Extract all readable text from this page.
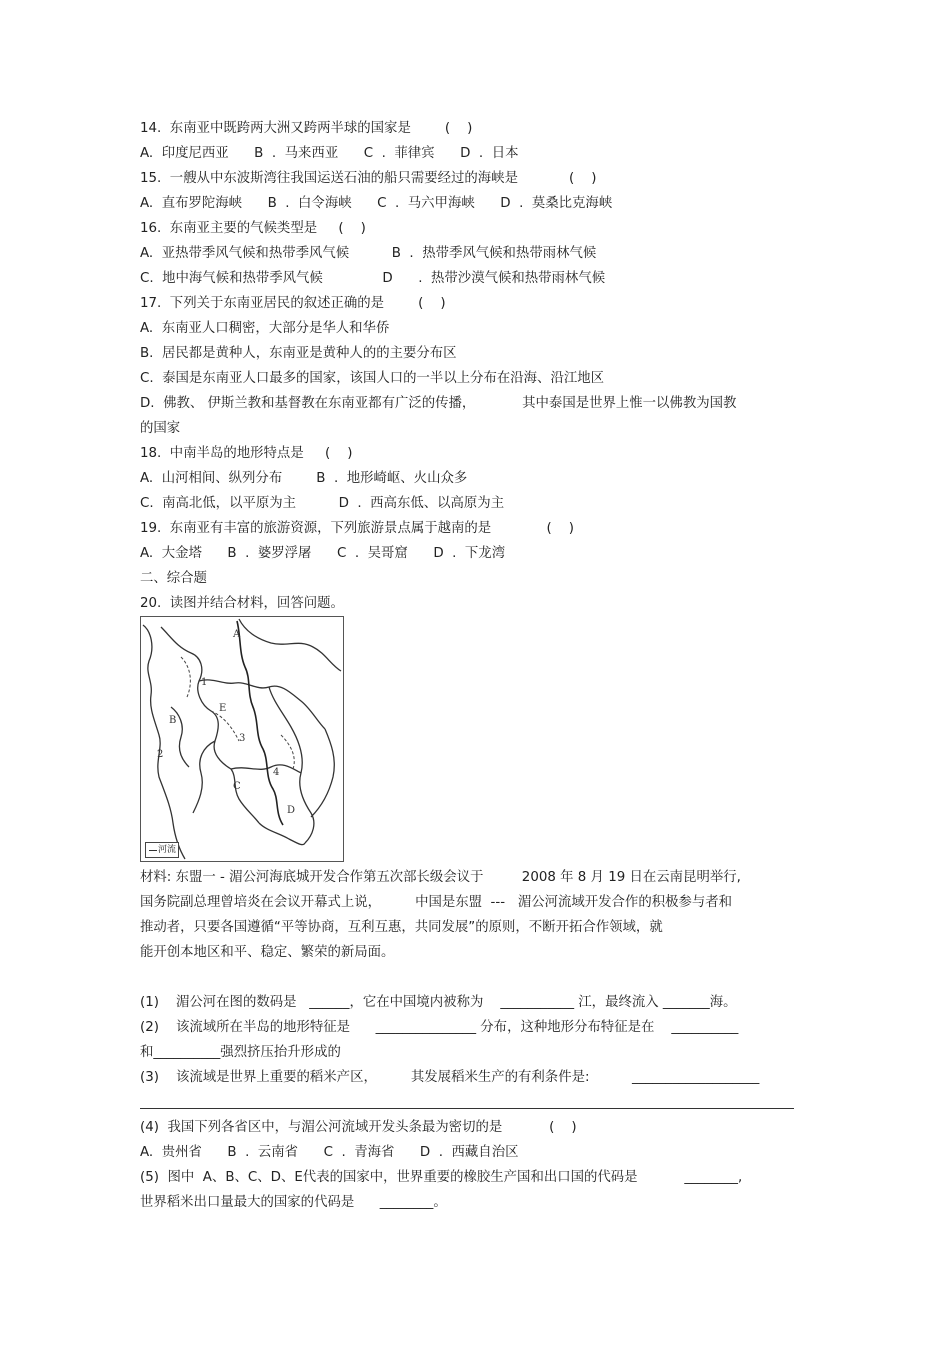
14.  东南亚中既跨两大洲又跨两半球的国家是        (    )
A.  印度尼西亚      B  .  马来西亚      C  .  菲律宾      D  .  日本
15.  一艘从中东波斯湾往我国运送石油的船只需要经过的海峡是            (    )
A.  直布罗陀海峡      B  .  白令海峡      C  .  马六甲海峡      D  .  莫桑比克海峡
16.  东南亚主要的气候类型是     (    )
A.  亚热带季风气候和热带季风气候          B  .  热带季风气候和热带雨林气候
C.  地中海气候和热带季风气候              D      .  热带沙漠气候和热带雨林气候
17.  下列关于东南亚居民的叙述正确的是        (    )
A.  东南亚人口稠密，大部分是华人和华侨
B.  居民都是黄种人，东南亚是黄种人的的主要分布区
C.  泰国是东南亚人口最多的国家，该国人口的一半以上分布在沿海、沿江地区
D.  佛教、 伊斯兰教和基督教在东南亚都有广泛的传播，           其中泰国是世界上惟一以佛教为国教
的国家
18.  中南半岛的地形特点是     (    )
A.  山河相间、纵列分布        B  .  地形崎岖、火山众多
C.  南高北低，以平原为主          D  .  西高东低、以高原为主
19.  东南亚有丰富的旅游资源，下列旅游景点属于越南的是             (    )
A.  大金塔      B  .  婆罗浮屠      C  .  吴哥窟      D  .  下龙湾
二、综合题
20.  读图并结合材料，回答问题。
材料: 东盟一 - 湄公河海底城开发合作第五次部长级会议于         2008 年 8 月 19 日在云南昆明举行,
国务院副总理曾培炎在会议开幕式上说，        中国是东盟  ---   湄公河流域开发合作的积极参与者和
推动者，只要各国遵循“平等协商，互利互惠，共同发展”的原则，不断开拓合作领域，就
能开创本地区和平、稳定、繁荣的新局面。
(1)    湄公河在图的数码是   ______，它在中国境内被称为    ___________ 江，最终流入 _______海。
(2)    该流域所在半岛的地形特征是      _______________ 分布，这种地形分布特征是在    __________
和__________强烈挤压抬升形成的
(3)    该流域是世界上重要的稻米产区，        其发展稻米生产的有利条件是:          ___________________
(4)  我国下列各省区中，与湄公河流域开发头条最为密切的是           (    )
A.  贵州省      B  .  云南省      C  .  青海省      D  .  西藏自治区
(5)  图中  A、B、C、D、E代表的国家中，世界重要的橡胶生产国和出口国的代码是           ________,
世界稻米出口量最大的国家的代码是      ________。
A
B
C
D
E
1
2
3
4
河流
